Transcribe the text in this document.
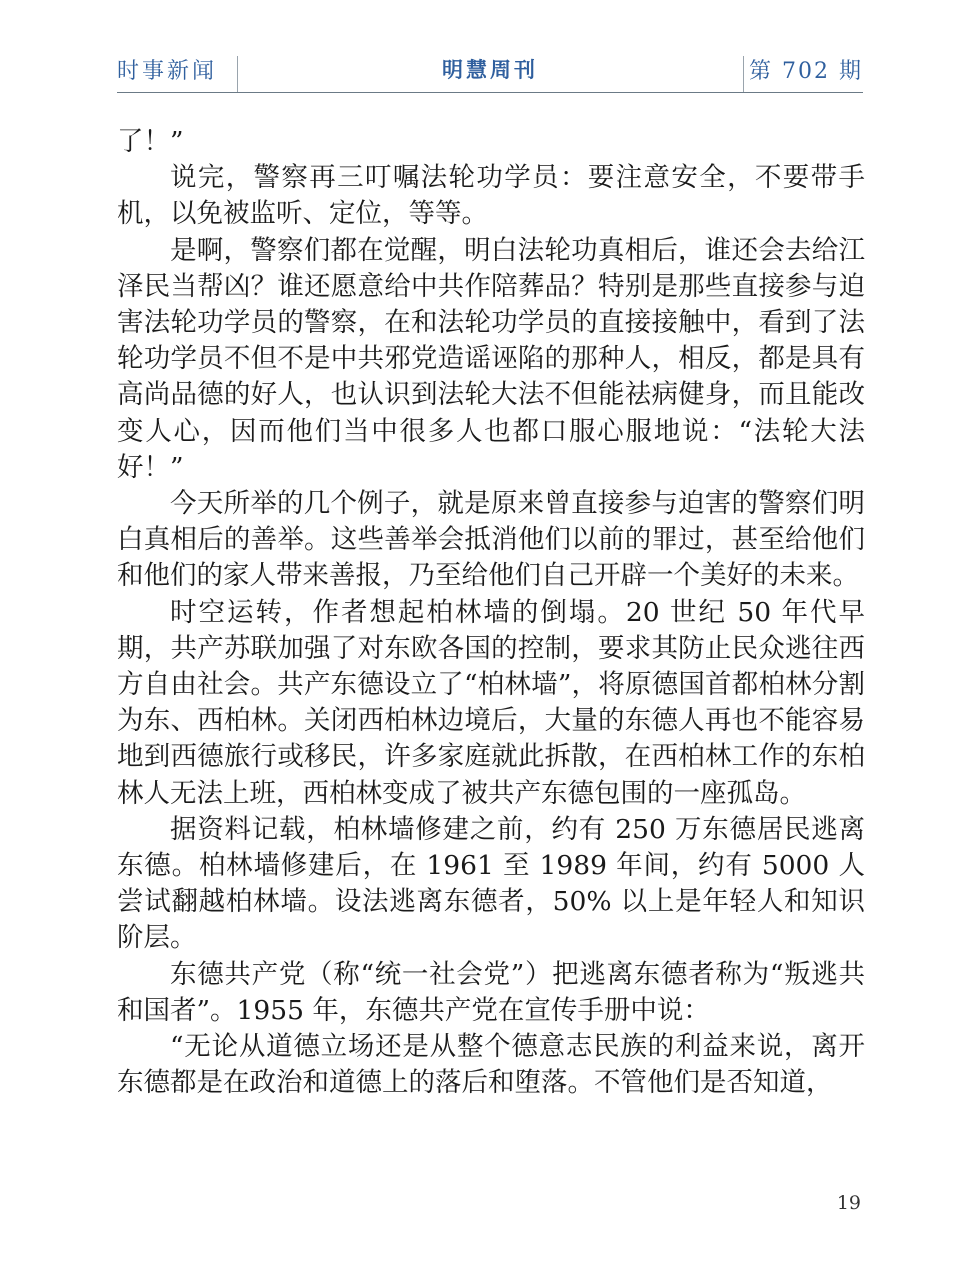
时事新闻	明慧周刊	第 702 期

了！”

说完，警察再三叮嘱法轮功学员：要注意安全，不要带手机，以免被监听、定位，等等。

是啊，警察们都在觉醒，明白法轮功真相后，谁还会去给江泽民当帮凶？谁还愿意给中共作陪葬品？特别是那些直接参与迫害法轮功学员的警察，在和法轮功学员的直接接触中，看到了法轮功学员不但不是中共邪党造谣诬陷的那种人，相反，都是具有高尚品德的好人，也认识到法轮大法不但能祛病健身，而且能改变人心，因而他们当中很多人也都口服心服地说：“法轮大法好！”

今天所举的几个例子，就是原来曾直接参与迫害的警察们明白真相后的善举。这些善举会抵消他们以前的罪过，甚至给他们和他们的家人带来善报，乃至给他们自己开辟一个美好的未来。

时空运转，作者想起柏林墙的倒塌。20 世纪 50 年代早期，共产苏联加强了对东欧各国的控制，要求其防止民众逃往西方自由社会。共产东德设立了“柏林墙”，将原德国首都柏林分割为东、西柏林。关闭西柏林边境后，大量的东德人再也不能容易地到西德旅行或移民，许多家庭就此拆散，在西柏林工作的东柏林人无法上班，西柏林变成了被共产东德包围的一座孤岛。

据资料记载，柏林墙修建之前，约有 250 万东德居民逃离东德。柏林墙修建后，在 1961 至 1989 年间，约有 5000 人尝试翻越柏林墙。设法逃离东德者，50% 以上是年轻人和知识阶层。

东德共产党（称“统一社会党”）把逃离东德者称为“叛逃共和国者”。1955 年，东德共产党在宣传手册中说：

“无论从道德立场还是从整个德意志民族的利益来说，离开东德都是在政治和道德上的落后和堕落。不管他们是否知道，

19
